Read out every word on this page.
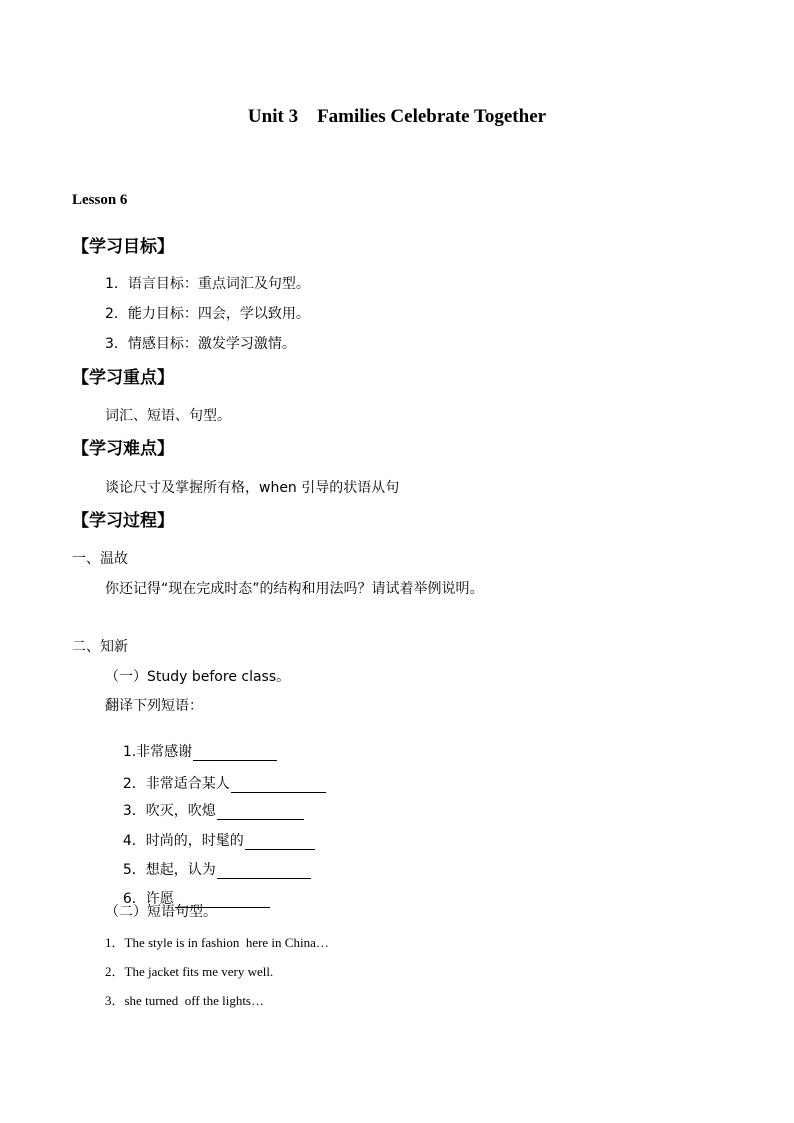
Unit 3    Families Celebrate Together
Lesson 6
【学习目标】
1．语言目标：重点词汇及句型。
2．能力目标：四会，学以致用。
3．情感目标：激发学习激情。
【学习重点】
词汇、短语、句型。
【学习难点】
谈论尺寸及掌握所有格，when 引导的状语从句
【学习过程】
一、温故
你还记得“现在完成时态”的结构和用法吗？请试着举例说明。
二、知新
（一）Study before class。
翻译下列短语：

1.非常感谢

2．非常适合某人

3．吹灭，吹熄

4．时尚的，时髦的

5．想起，认为

6．许愿

（二）短语句型。
1．The style is in fashion  here in China…
2．The jacket fits me very well.
3．she turned  off the lights…
